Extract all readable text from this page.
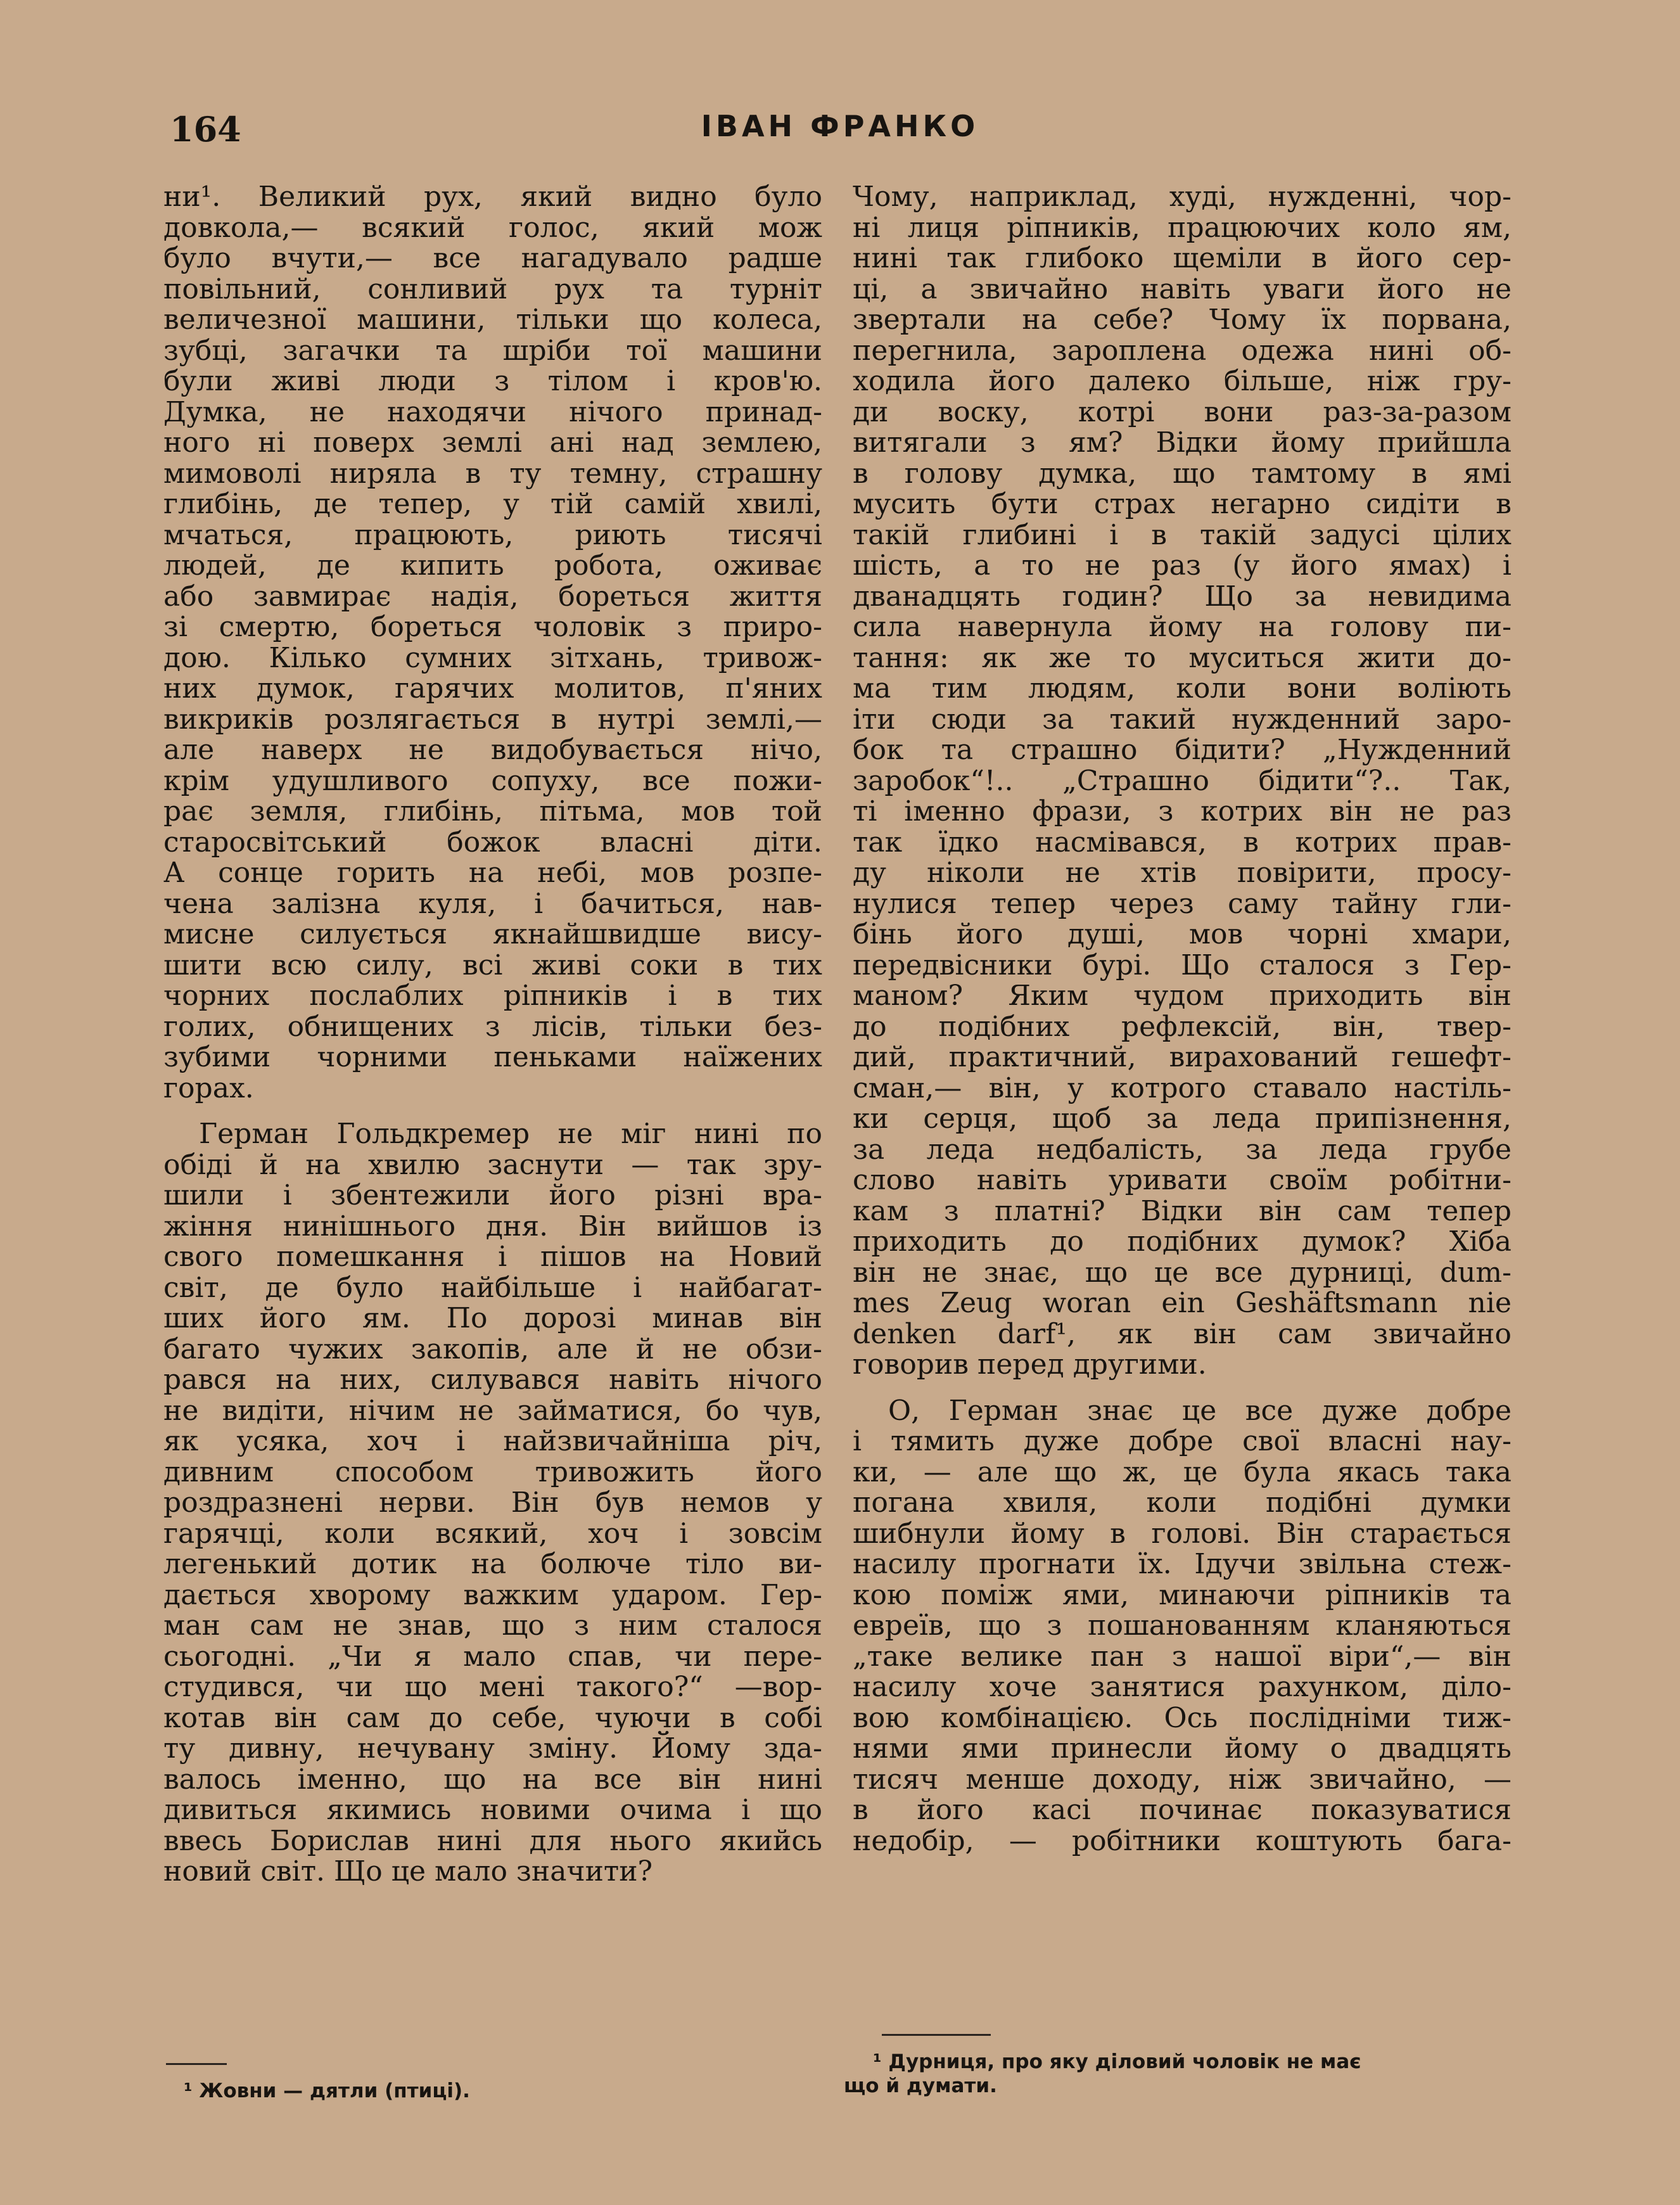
164	ІВАН ФРАНКО
ни¹. Великий рух, який видно було
довкола,— всякий голос, який мож
було вчути,— все нагадувало радше
повільний, сонливий рух та турніт
величезної машини, тільки що колеса,
зубці, загачки та шріби тої машини
були живі люди з тілом і кров'ю.
Думка, не находячи нічого принад-
ного ні поверх землі ані над землею,
мимоволі ниряла в ту темну, страшну
глибінь, де тепер, у тій самій хвилі,
мчаться, працюють, риють тисячі
людей, де кипить робота, оживає
або завмирає надія, бореться життя
зі смертю, бореться чоловік з приро-
дою. Кілько сумних зітхань, тривож-
них думок, гарячих молитов, п'яних
викриків розлягається в нутрі землі,—
але наверх не видобувається нічо,
крім удушливого сопуху, все пожи-
рає земля, глибінь, пітьма, мов той
старосвітський божок власні діти.
А сонце горить на небі, мов розпе-
чена залізна куля, і бачиться, нав-
мисне силується якнайшвидше вису-
шити всю силу, всі живі соки в тих
чорних послаблих ріпників і в тих
голих, обнищених з лісів, тільки без-
зубими чорними пеньками наїжених
горах.
Герман Гольдкремер не міг нині по
обіді й на хвилю заснути — так зру-
шили і збентежили його різні вра-
жіння нинішнього дня. Він вийшов із
свого помешкання і пішов на Новий
світ, де було найбільше і найбагат-
ших його ям. По дорозі минав він
багато чужих закопів, але й не обзи-
рався на них, силувався навіть нічого
не видіти, нічим не займатися, бо чув,
як усяка, хоч і найзвичайніша річ,
дивним способом тривожить його
роздразнені нерви. Він був немов у
гарячці, коли всякий, хоч і зовсім
легенький дотик на болюче тіло ви-
дається хворому важким ударом. Гер-
ман сам не знав, що з ним сталося
сьогодні. „Чи я мало спав, чи пере-
студився, чи що мені такого?“ —вор-
котав він сам до себе, чуючи в собі
ту дивну, нечувану зміну. Йому зда-
валось іменно, що на все він нині
дивиться якимись новими очима і що
ввесь Борислав нині для нього якийсь
новий світ. Що це мало значити?
Чому, наприклад, худі, нужденні, чор-
ні лиця ріпників, працюючих коло ям,
нині так глибоко щеміли в його сер-
ці, а звичайно навіть уваги його не
звертали на себе? Чому їх порвана,
перегнила, зароплена одежа нині об-
ходила його далеко більше, ніж гру-
ди воску, котрі вони раз-за-разом
витягали з ям? Відки йому прийшла
в голову думка, що тамтому в ямі
мусить бути страх негарно сидіти в
такій глибині і в такій задусі цілих
шість, а то не раз (у його ямах) і
дванадцять годин? Що за невидима
сила навернула йому на голову пи-
тання: як же то муситься жити до-
ма тим людям, коли вони воліють
іти сюди за такий нужденний заро-
бок та страшно бідити? „Нужденний
заробок“!.. „Страшно бідити“?.. Так,
ті іменно фрази, з котрих він не раз
так їдко насмівався, в котрих прав-
ду ніколи не хтів повірити, просу-
нулися тепер через саму тайну гли-
бінь його душі, мов чорні хмари,
передвісники бурі. Що сталося з Гер-
маном? Яким чудом приходить він
до подібних рефлексій, він, твер-
дий, практичний, вирахований гешефт-
сман,— він, у котрого ставало настіль-
ки серця, щоб за леда припізнення,
за леда недбалість, за леда грубе
слово навіть уривати своїм робітни-
кам з платні? Відки він сам тепер
приходить до подібних думок? Хіба
він не знає, що це все дурниці, dum-
mes Zeug woran ein Geshäftsmann nie
denken darf¹, як він сам звичайно
говорив перед другими.
О, Герман знає це все дуже добре
і тямить дуже добре свої власні нау-
ки, — але що ж, це була якась така
погана хвиля, коли подібні думки
шибнули йому в голові. Він старається
насилу прогнати їх. Ідучи звільна стеж-
кою поміж ями, минаючи ріпників та
евреїв, що з пошанованням кланяються
„таке велике пан з нашої віри“,— він
насилу хоче занятися рахунком, діло-
вою комбінацією. Ось послідніми тиж-
нями ями принесли йому о двадцять
тисяч менше доходу, ніж звичайно, —
в його касі починає показуватися
недобір, — робітники коштують бага-
¹ Жовни — дятли (птиці).
¹ Дурниця, про яку діловий чоловік не має
що й думати.
